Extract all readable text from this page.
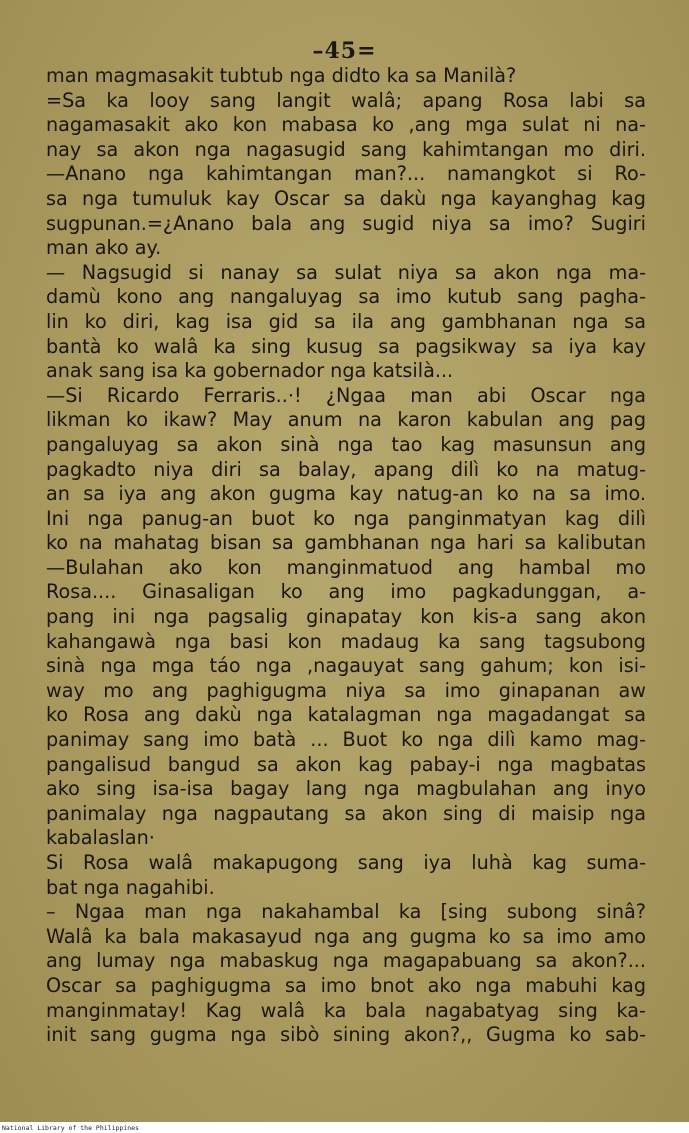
–45=
man magmasakit tubtub nga didto ka sa Manilà?
=Sa ka looy sang langit walâ; apang Rosa labi sa
nagamasakit ako kon mabasa ko ,ang mga sulat ni na-
nay sa akon nga nagasugid sang kahimtangan mo diri.
—Anano nga kahimtangan man?... namangkot si Ro-
sa nga tumuluk kay Oscar sa dakù nga kayanghag kag
sugpunan.=¿Anano bala ang sugid niya sa imo? Sugiri
man ako ay.
— Nagsugid si nanay sa sulat niya sa akon nga ma-
damù kono ang nangaluyag sa imo kutub sang pagha-
lin ko diri, kag isa gid sa ila ang gambhanan nga sa
bantà ko walâ ka sing kusug sa pagsikway sa iya kay
anak sang isa ka gobernador nga katsilà...
—Si Ricardo Ferraris..·! ¿Ngaa man abi Oscar nga
likman ko ikaw? May anum na karon kabulan ang pag
pangaluyag sa akon sinà nga tao kag masunsun ang
pagkadto niya diri sa balay, apang dilì ko na matug-
an sa iya ang akon gugma kay natug-an ko na sa imo.
Ini nga panug-an buot ko nga panginmatyan kag dilì
ko na mahatag bisan sa gambhanan nga hari sa kalibutan
—Bulahan ako kon manginmatuod ang hambal mo
Rosa.... Ginasaligan ko ang imo pagkadunggan, a-
pang ini nga pagsalig ginapatay kon kis-a sang akon
kahangawà nga basi kon madaug ka sang tagsubong
sinà nga mga táo nga ,nagauyat sang gahum; kon isi-
way mo ang paghigugma niya sa imo ginapanan aw
ko Rosa ang dakù nga katalagman nga magadangat sa
panimay sang imo batà ... Buot ko nga dilì kamo mag-
pangalisud bangud sa akon kag pabay-i nga magbatas
ako sing isa-isa bagay lang nga magbulahan ang inyo
panimalay nga nagpautang sa akon sing di maisip nga
kabalaslan·
Si Rosa walâ makapugong sang iya luhà kag suma-
bat nga nagahibi.
– Ngaa man nga nakahambal ka [sing subong sinâ?
Walâ ka bala makasayud nga ang gugma ko sa imo amo
ang lumay nga mabaskug nga magapabuang sa akon?...
Oscar sa paghigugma sa imo bnot ako nga mabuhi kag
manginmatay! Kag walâ ka bala nagabatyag sing ka-
init sang gugma nga sibò sining akon?,, Gugma ko sab-
National Library of the Philippines
